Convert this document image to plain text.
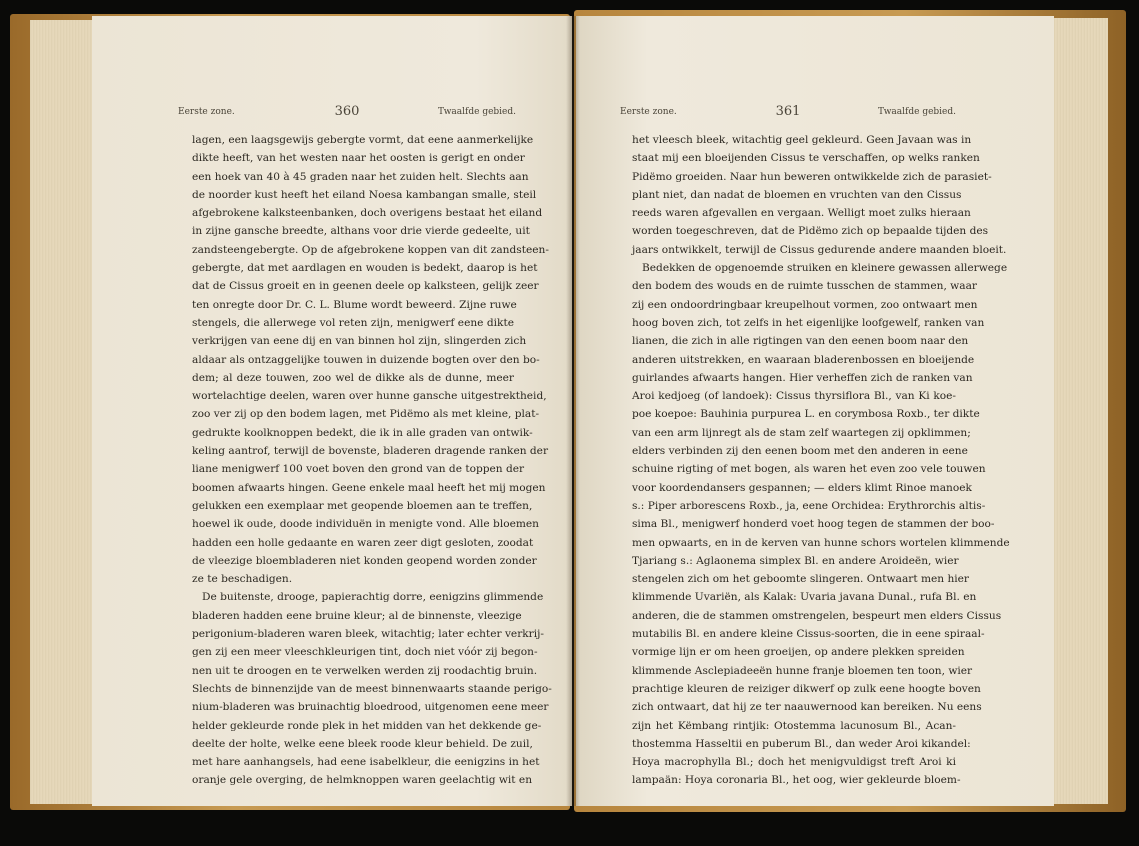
Eerste zone.	360	Twaalfde gebied.
lagen, een laagsgewijs gebergte vormt, dat eene aanmerkelijke
dikte heeft, van het westen naar het oosten is gerigt en onder
een hoek van 40 à 45 graden naar het zuiden helt. Slechts aan
de noorder kust heeft het eiland Noesa kambangan smalle, steil
afgebrokene kalksteenbanken, doch overigens bestaat het eiland
in zijne gansche breedte, althans voor drie vierde gedeelte, uit
zandsteengebergte. Op de afgebrokene koppen van dit zandsteen-
gebergte, dat met aardlagen en wouden is bedekt, daarop is het
dat de Cissus groeit en in geenen deele op kalksteen, gelijk zeer
ten onregte door Dr. C. L. Blume wordt beweerd. Zijne ruwe
stengels, die allerwege vol reten zijn, menigwerf eene dikte
verkrijgen van eene dij en van binnen hol zijn, slingerden zich
aldaar als ontzaggelijke touwen in duizende bogten over den bo-
dem; al deze touwen, zoo wel de dikke als de dunne, meer
wortelachtige deelen, waren over hunne gansche uitgestrektheid,
zoo ver zij op den bodem lagen, met Pidëmo als met kleine, plat-
gedrukte koolknoppen bedekt, die ik in alle graden van ontwik-
keling aantrof, terwijl de bovenste, bladeren dragende ranken der
liane menigwerf 100 voet boven den grond van de toppen der
boomen afwaarts hingen. Geene enkele maal heeft het mij mogen
gelukken een exemplaar met geopende bloemen aan te treffen,
hoewel ik oude, doode individuën in menigte vond. Alle bloemen
hadden een holle gedaante en waren zeer digt gesloten, zoodat
de vleezige bloembladeren niet konden geopend worden zonder
ze te beschadigen.
De buitenste, drooge, papierachtig dorre, eenigzins glimmende
bladeren hadden eene bruine kleur; al de binnenste, vleezige
perigonium-bladeren waren bleek, witachtig; later echter verkrij-
gen zij een meer vleeschkleurigen tint, doch niet vóór zij begon-
nen uit te droogen en te verwelken werden zij roodachtig bruin.
Slechts de binnenzijde van de meest binnenwaarts staande perigo-
nium-bladeren was bruinachtig bloedrood, uitgenomen eene meer
helder gekleurde ronde plek in het midden van het dekkende ge-
deelte der holte, welke eene bleek roode kleur behield. De zuil,
met hare aanhangsels, had eene isabelkleur, die eenigzins in het
oranje gele overging, de helmknoppen waren geelachtig wit en
Eerste zone.	361	Twaalfde gebied.
het vleesch bleek, witachtig geel gekleurd. Geen Javaan was in
staat mij een bloeijenden Cissus te verschaffen, op welks ranken
Pidëmo groeiden. Naar hun beweren ontwikkelde zich de parasiet-
plant niet, dan nadat de bloemen en vruchten van den Cissus
reeds waren afgevallen en vergaan. Welligt moet zulks hieraan
worden toegeschreven, dat de Pidëmo zich op bepaalde tijden des
jaars ontwikkelt, terwijl de Cissus gedurende andere maanden bloeit.
Bedekken de opgenoemde struiken en kleinere gewassen allerwege
den bodem des wouds en de ruimte tusschen de stammen, waar
zij een ondoordringbaar kreupelhout vormen, zoo ontwaart men
hoog boven zich, tot zelfs in het eigenlijke loofgewelf, ranken van
lianen, die zich in alle rigtingen van den eenen boom naar den
anderen uitstrekken, en waaraan bladerenbossen en bloeijende
guirlandes afwaarts hangen. Hier verheffen zich de ranken van
Aroi kedjoeg (of landoek): Cissus thyrsiflora Bl., van Ki koe-
poe koepoe: Bauhinia purpurea L. en corymbosa Roxb., ter dikte
van een arm lijnregt als de stam zelf waartegen zij opklimmen;
elders verbinden zij den eenen boom met den anderen in eene
schuine rigting of met bogen, als waren het even zoo vele touwen
voor koordendansers gespannen; — elders klimt Rinoe manoek
s.: Piper arborescens Roxb., ja, eene Orchidea: Erythrorchis altis-
sima Bl., menigwerf honderd voet hoog tegen de stammen der boo-
men opwaarts, en in de kerven van hunne schors wortelen klimmende
Tjariang s.: Aglaonema simplex Bl. en andere Aroideën, wier
stengelen zich om het geboomte slingeren. Ontwaart men hier
klimmende Uvariën, als Kalak: Uvaria javana Dunal., rufa Bl. en
anderen, die de stammen omstrengelen, bespeurt men elders Cissus
mutabilis Bl. en andere kleine Cissus-soorten, die in eene spiraal-
vormige lijn er om heen groeijen, op andere plekken spreiden
klimmende Asclepiadeeën hunne franje bloemen ten toon, wier
prachtige kleuren de reiziger dikwerf op zulk eene hoogte boven
zich ontwaart, dat hij ze ter naauwernood kan bereiken. Nu eens
zijn het Këmbang rintjik: Otostemma lacunosum Bl., Acan-
thostemma Hasseltii en puberum Bl., dan weder Aroi kikandel:
Hoya macrophylla Bl.; doch het menigvuldigst treft Aroi ki
lampaän: Hoya coronaria Bl., het oog, wier gekleurde bloem-
